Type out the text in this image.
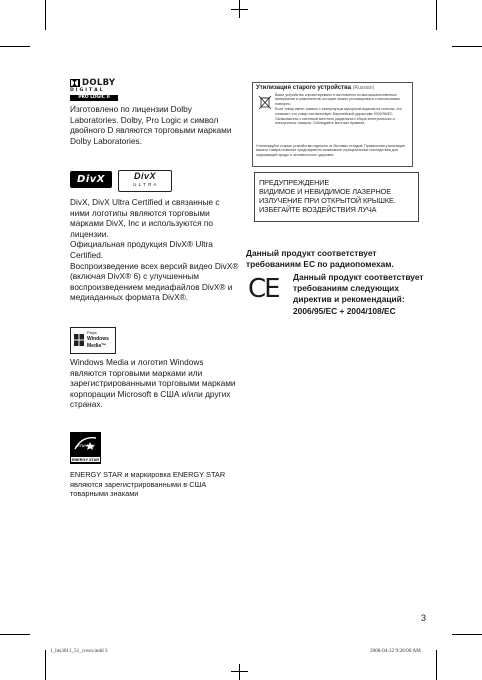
DOLBY
D I G I T A L
PRO LOGIC II
Изготовлено по лицензии Dolby Laboratories. Dolby, Pro Logic и символ двойного D являются торговыми марками Dolby Laboratories.
Утилизация старого устройства (Russian)
Ваше устройство спроектировано и изготовлено из высококачественных материалов и компонентов, которые можно утилизировать и использовать повторно.
Если товар имеет символ с зачеркнутым мусорным ящиком на колесах, это означает, что товар соответствует Европейской директиве 2002/96/EC.
Ознакомьтесь с системой местного раздельного сбора электрических и электронных товаров. Соблюдайте местные правила.
Утилизируйте старые устройства отдельно от бытовых отходов. Правильная утилизация вашего товара позволит предотвратить возможные отрицательные последствия для окружающей среды и человеческого здоровья.
ПРЕДУПРЕЖДЕНИЕ
ВИДИМОЕ И НЕВИДИМОЕ ЛАЗЕРНОЕ
ИЗЛУЧЕНИЕ ПРИ ОТКРЫТОЙ КРЫШКЕ.
ИЗБЕГАЙТЕ ВОЗДЕЙСТВИЯ ЛУЧА
Данный продукт соответствует требованиям ЕС по радиопомехам.
CE Данный продукт соответствует требованиям следующих директив и рекомендаций: 2006/95/EC + 2004/108/EC
DivX	DivX
U L T R A
DivX, DivX Ultra Certified и связанные с ними логотипы являются торговыми марками DivX, Inc и используются по лицензии.
Официальная продукция DivX® Ultra Certified.
Воспроизведение всех версий видео DivX® (включая DivX® 6) с улучшенным воспроизведением медиафайлов DivX® и медиаданных формата DivX®.
Plays
Windows
Media™
Windows Media и логотип Windows являются торговыми марками или зарегистрированными торговыми марками корпорации Microsoft в США и/или других странах.
energy
ENERGY STAR
ENERGY STAR и маркировка ENERGY STAR являются зарегистрированными в США товарными знаками
3
1_hts3011_51_cover.indd 3	2008-04-22 9:28:00 AM
